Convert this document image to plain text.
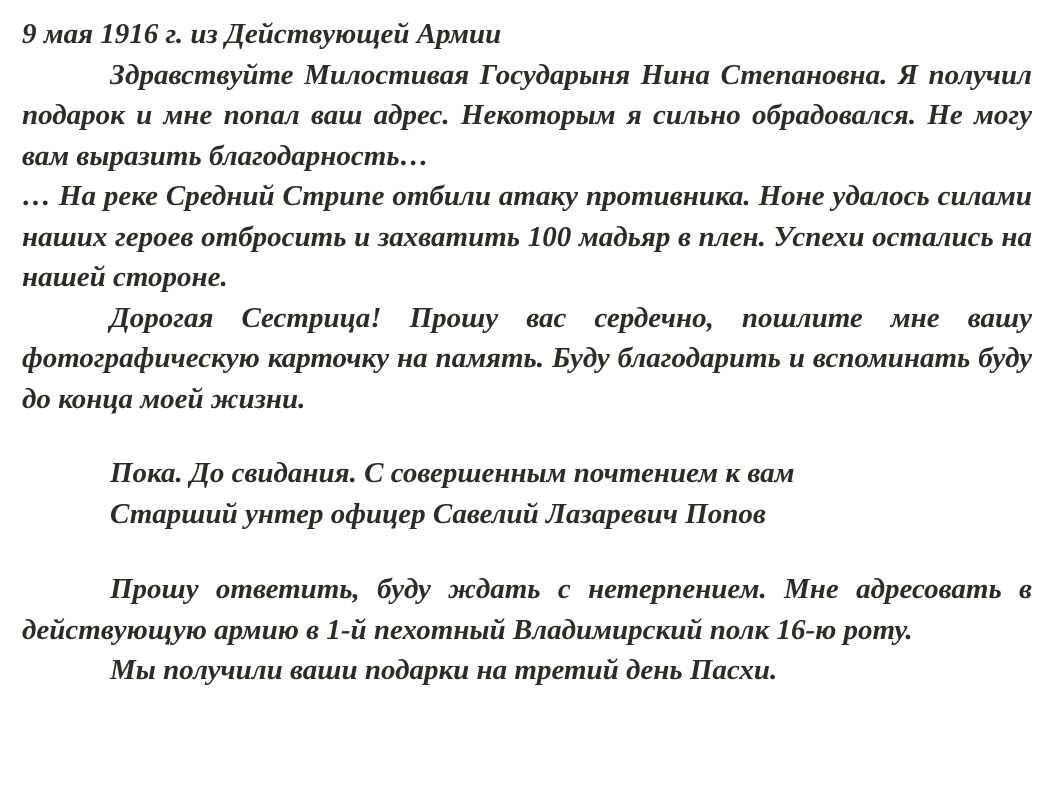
9 мая 1916 г. из Действующей Армии

Здравствуйте Милостивая Государыня Нина Степановна. Я получил подарок и мне попал ваш адрес. Некоторым я сильно обрадовался. Не могу вам выразить благодарность…

… На реке Средний Стрипе отбили атаку противника. Ноне удалось силами наших героев отбросить и захватить 100 мадьяр в плен. Успехи остались на нашей стороне.

Дорогая Сестрица! Прошу вас сердечно, пошлите мне вашу фотографическую карточку на память. Буду благодарить и вспоминать буду до конца моей жизни.

Пока. До свидания. С совершенным почтением к вам

Старший унтер офицер Савелий Лазаревич Попов

Прошу ответить, буду ждать с нетерпением. Мне адресовать в действующую армию в 1-й пехотный Владимирский полк 16-ю роту.

Мы получили ваши подарки на третий день Пасхи.
